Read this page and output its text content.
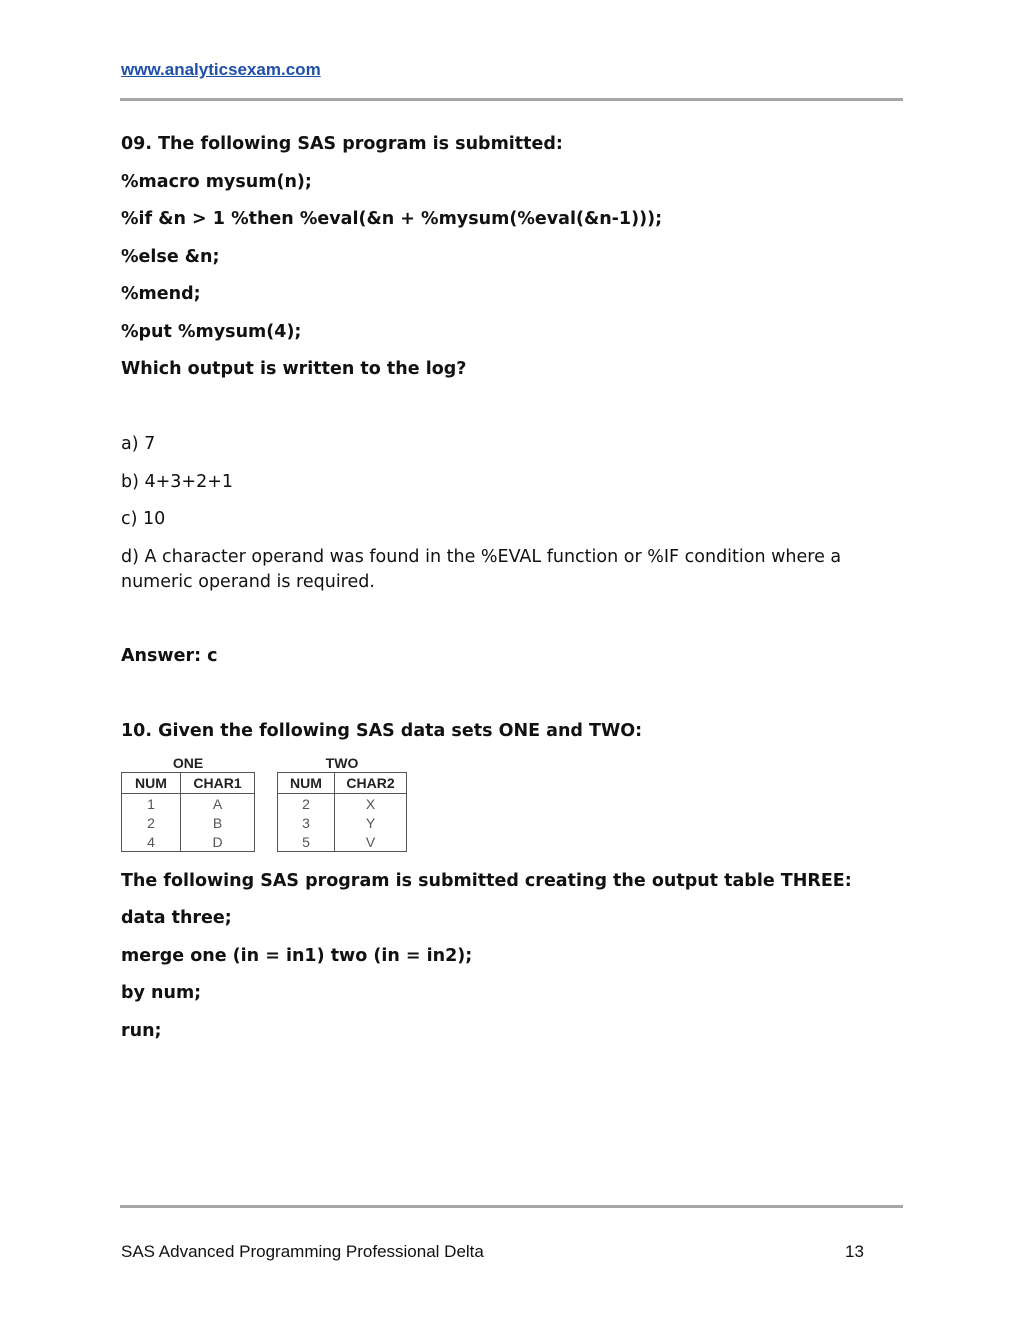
www.analyticsexam.com
09. The following SAS program is submitted:
%macro mysum(n);
%if &n > 1 %then %eval(&n + %mysum(%eval(&n-1)));
%else &n;
%mend;
%put %mysum(4);
Which output is written to the log?
a) 7
b) 4+3+2+1
c) 10
d) A character operand was found in the %EVAL function or %IF condition where a numeric operand is required.
Answer: c
10. Given the following SAS data sets ONE and TWO:
ONE
NUM	CHAR1
1	A
2	B
4	D
TWO
NUM	CHAR2
2	X
3	Y
5	V
The following SAS program is submitted creating the output table THREE:
data three;
merge one (in = in1) two (in = in2);
by num;
run;
SAS Advanced Programming Professional Delta	13
